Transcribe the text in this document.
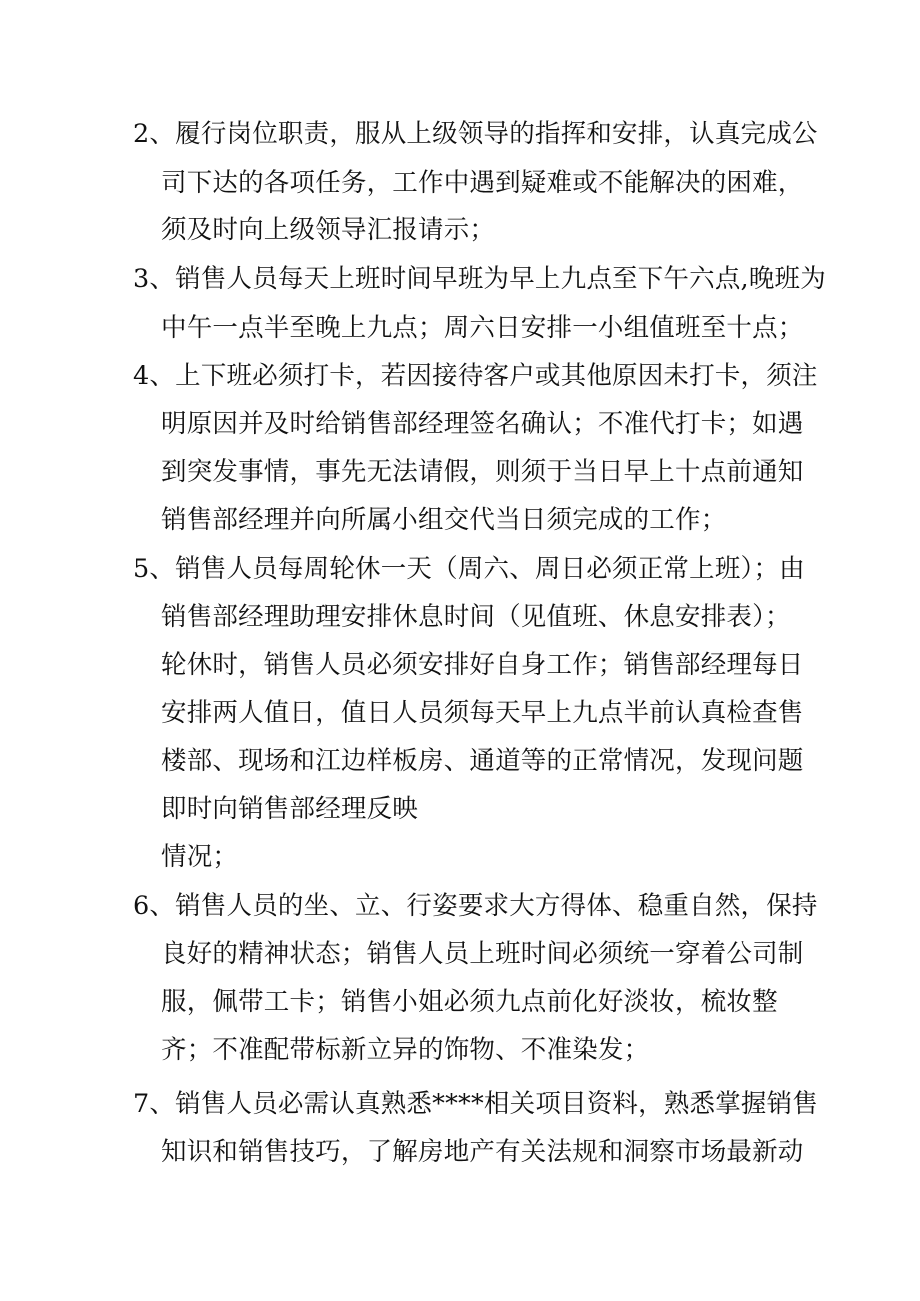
2、履行岗位职责，服从上级领导的指挥和安排，认真完成公
司下达的各项任务，工作中遇到疑难或不能解决的困难，
须及时向上级领导汇报请示；
3、销售人员每天上班时间早班为早上九点至下午六点,晚班为
中午一点半至晚上九点；周六日安排一小组值班至十点；
4、上下班必须打卡，若因接待客户或其他原因未打卡，须注
明原因并及时给销售部经理签名确认；不准代打卡；如遇
到突发事情，事先无法请假，则须于当日早上十点前通知
销售部经理并向所属小组交代当日须完成的工作；
5、销售人员每周轮休一天（周六、周日必须正常上班）；由
销售部经理助理安排休息时间（见值班、休息安排表）；
轮休时，销售人员必须安排好自身工作；销售部经理每日
安排两人值日，值日人员须每天早上九点半前认真检查售
楼部、现场和江边样板房、通道等的正常情况，发现问题
即时向销售部经理反映
情况；
6、销售人员的坐、立、行姿要求大方得体、稳重自然，保持
良好的精神状态；销售人员上班时间必须统一穿着公司制
服，佩带工卡；销售小姐必须九点前化好淡妆，梳妆整
齐；不准配带标新立异的饰物、不准染发；
7、销售人员必需认真熟悉****相关项目资料，熟悉掌握销售
知识和销售技巧，了解房地产有关法规和洞察市场最新动
